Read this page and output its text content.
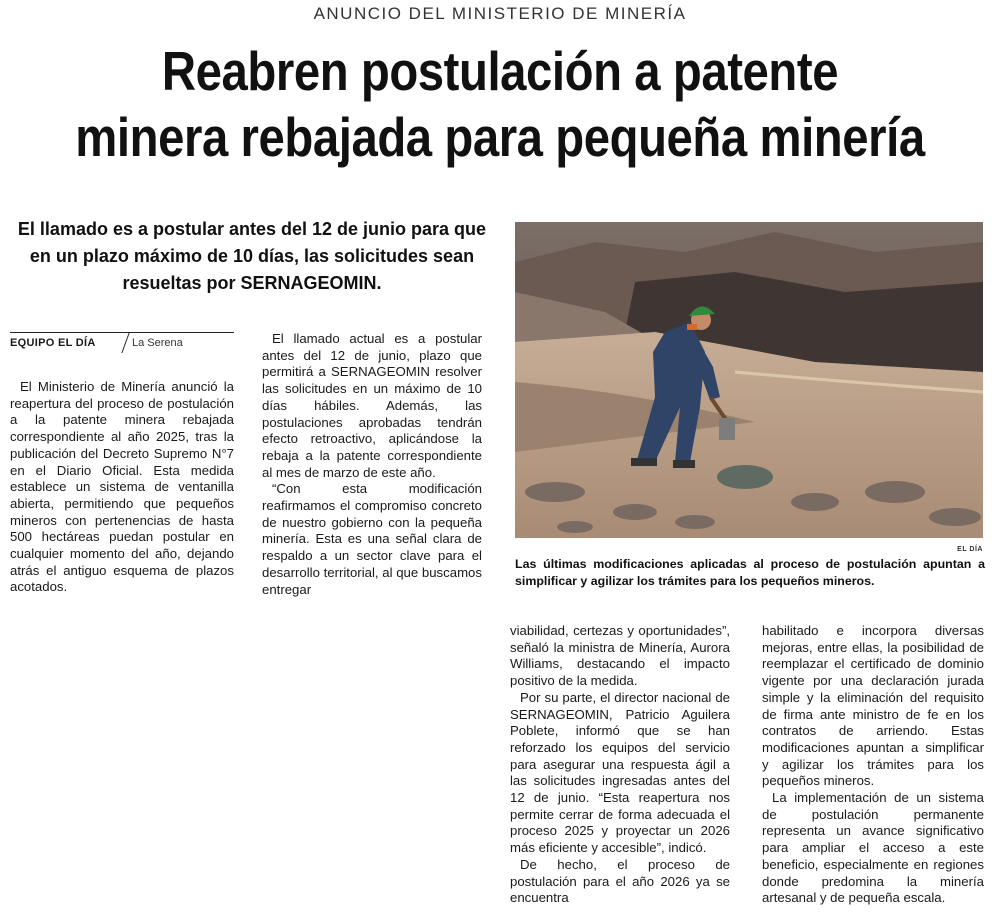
ANUNCIO DEL MINISTERIO DE MINERÍA
Reabren postulación a patente
minera rebajada para pequeña minería
El llamado es a postular antes del 12 de junio para que en un plazo máximo de 10 días, las solicitudes sean resueltas por SERNAGEOMIN.
EQUIPO EL DÍA	La Serena

El Ministerio de Minería anunció la reapertura del proceso de postulación a la patente minera rebajada correspondiente al año 2025, tras la publicación del Decreto Supremo N°7 en el Diario Oficial. Esta medida establece un sistema de ventanilla abierta, permitiendo que pequeños mineros con pertenencias de hasta 500 hectáreas puedan postular en cualquier momento del año, dejando atrás el antiguo esquema de plazos acotados.

El llamado actual es a postular antes del 12 de junio, plazo que permitirá a SERNAGEOMIN resolver las solicitudes en un máximo de 10 días hábiles. Además, las postulaciones aprobadas tendrán efecto retroactivo, aplicándose la rebaja a la patente correspondiente al mes de marzo de este año.

“Con esta modificación reafirmamos el compromiso concreto de nuestro gobierno con la pequeña minería. Esta es una señal clara de respaldo a un sector clave para el desarrollo territorial, al que buscamos entregar

EL DÍA
Las últimas modificaciones aplicadas al proceso de postulación apuntan a simplificar y agilizar los trámites para los pequeños mineros.

viabilidad, certezas y oportunidades”, señaló la ministra de Minería, Aurora Williams, destacando el impacto positivo de la medida.

Por su parte, el director nacional de SERNAGEOMIN, Patricio Aguilera Poblete, informó que se han reforzado los equipos del servicio para asegurar una respuesta ágil a las solicitudes ingresadas antes del 12 de junio. “Esta reapertura nos permite cerrar de forma adecuada el proceso 2025 y proyectar un 2026 más eficiente y accesible”, indicó.

De hecho, el proceso de postulación para el año 2026 ya se encuentra

habilitado e incorpora diversas mejoras, entre ellas, la posibilidad de reemplazar el certificado de dominio vigente por una declaración jurada simple y la eliminación del requisito de firma ante ministro de fe en los contratos de arriendo. Estas modificaciones apuntan a simplificar y agilizar los trámites para los pequeños mineros.

La implementación de un sistema de postulación permanente representa un avance significativo para ampliar el acceso a este beneficio, especialmente en regiones donde predomina la minería artesanal y de pequeña escala.
